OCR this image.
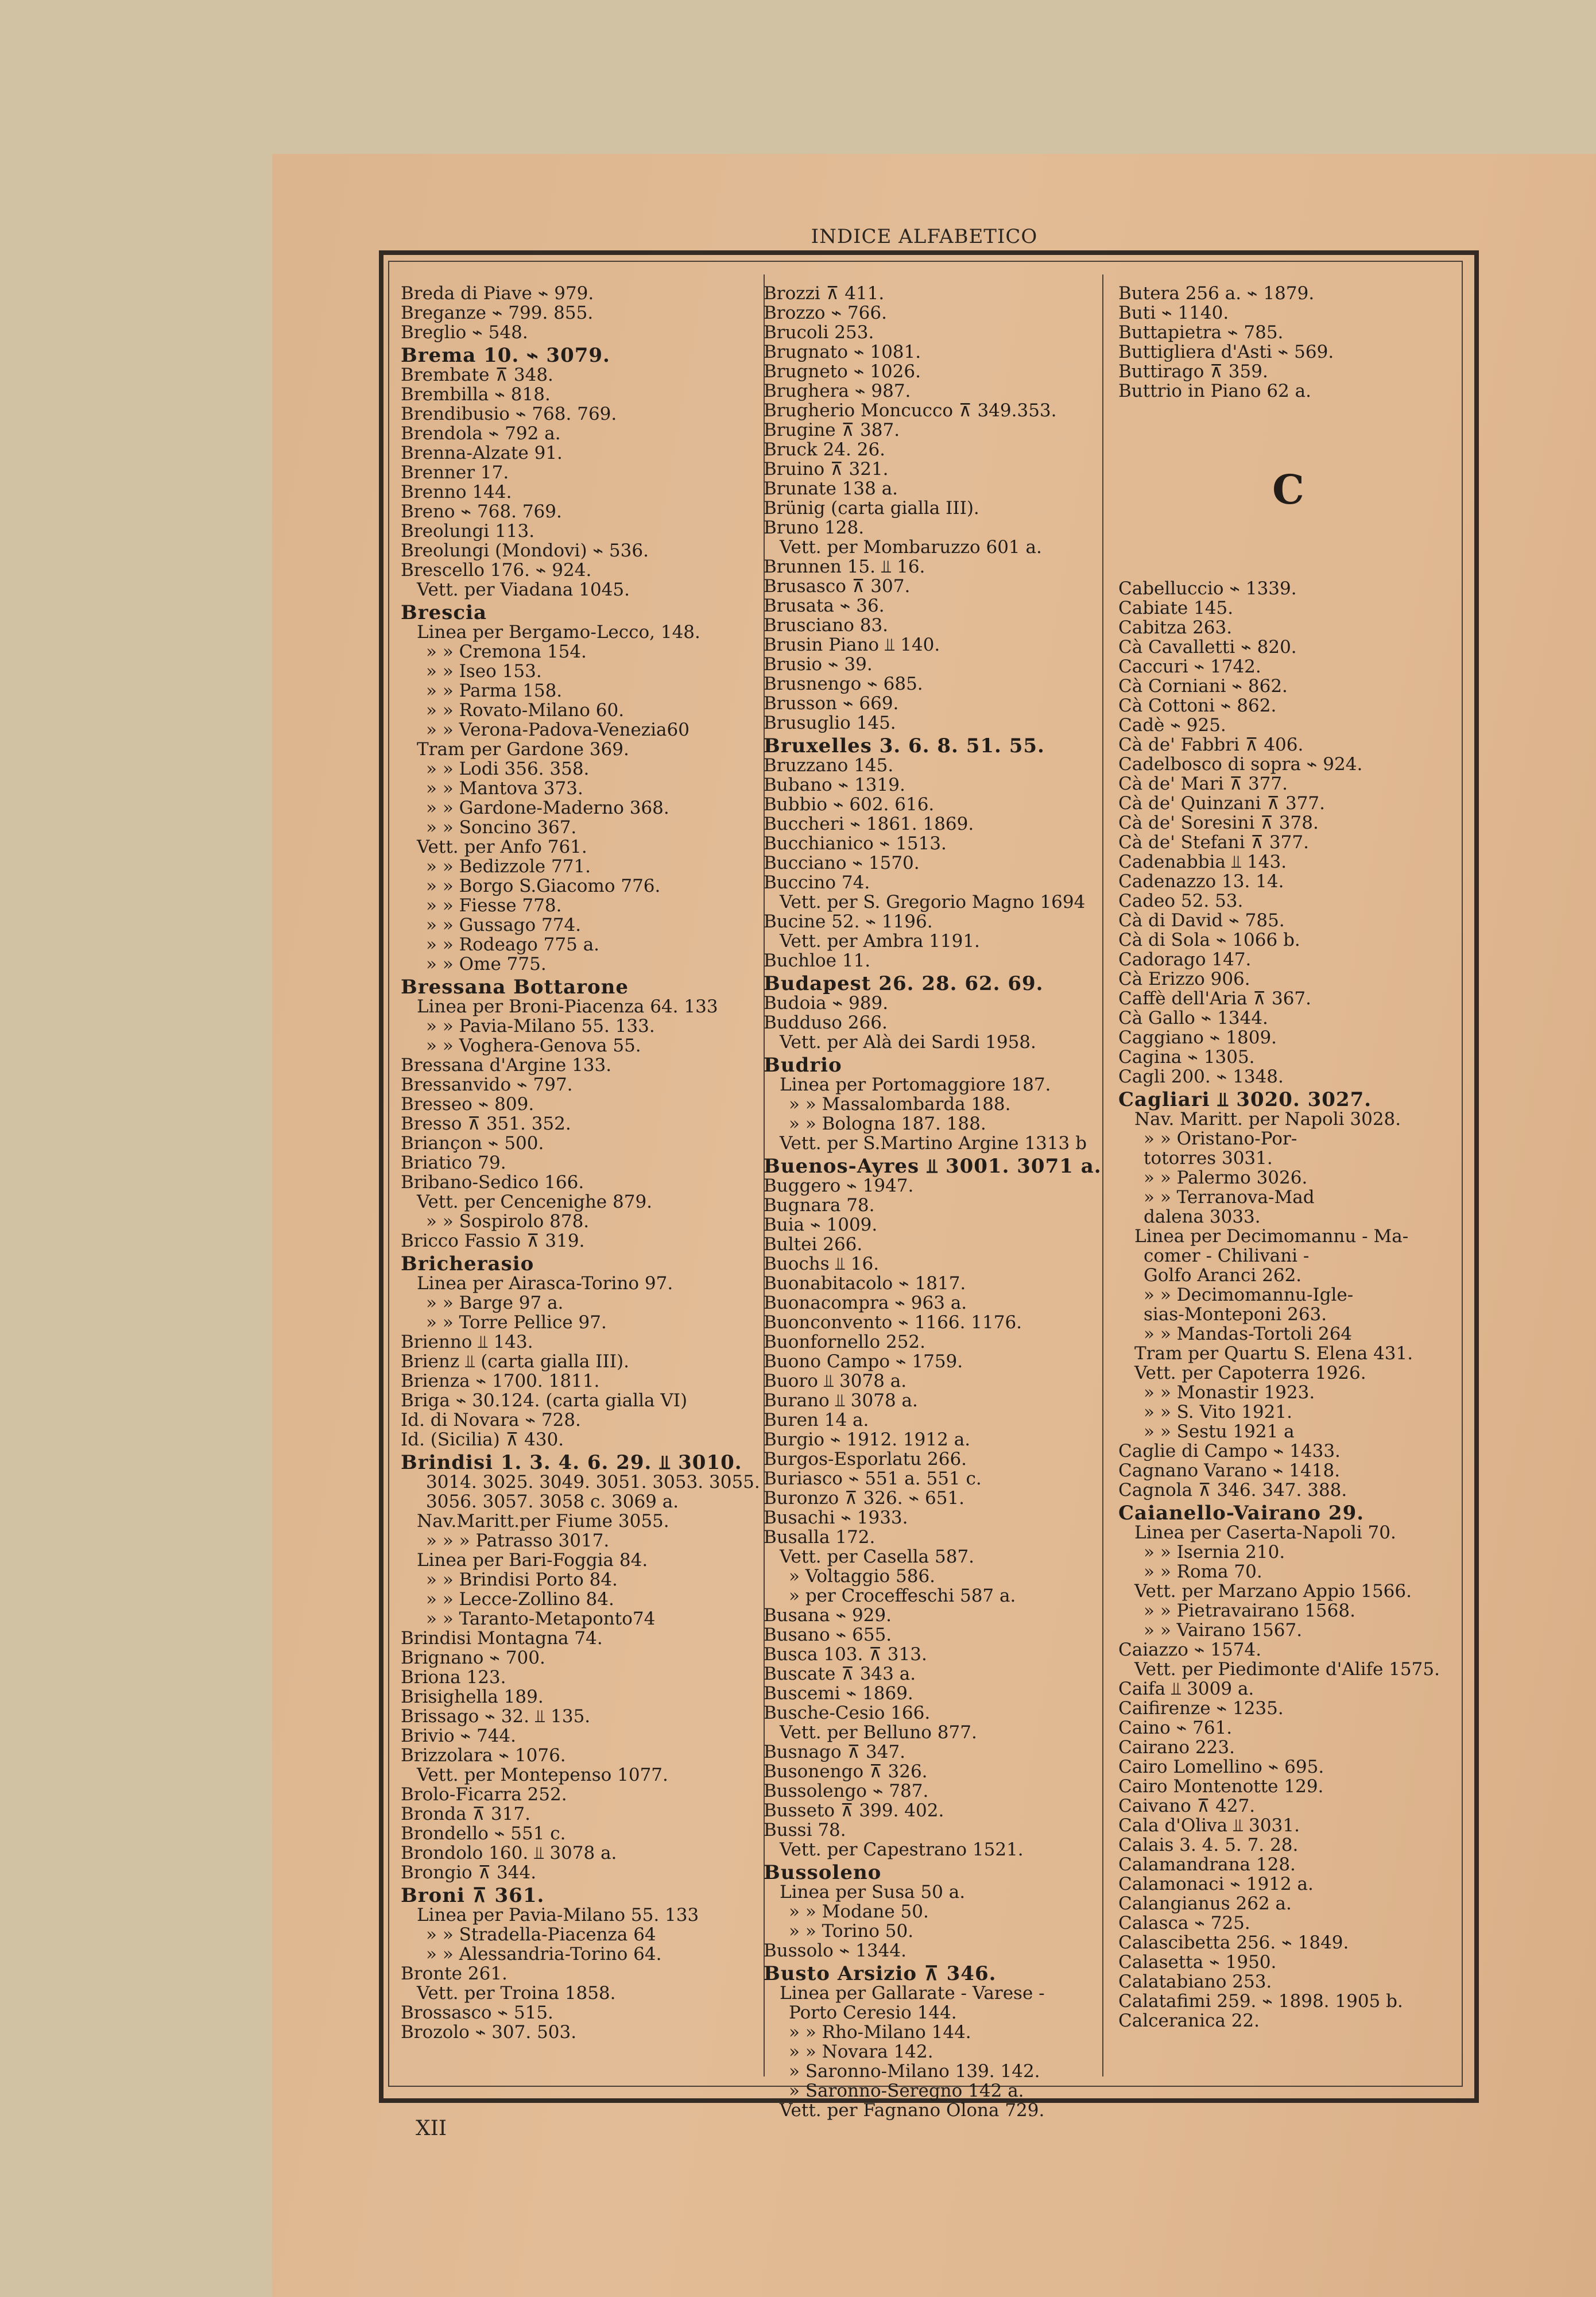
INDICE ALFABETICO
Breda di Piave ⌁ 979.
Breganze ⌁ 799. 855.
Breglio ⌁ 548.
Brema 10. ⌁ 3079.
Brembate ⊼ 348.
Brembilla ⌁ 818.
Brendibusio ⌁ 768. 769.
Brendola ⌁ 792 a.
Brenna-Alzate 91.
Brenner 17.
Brenno 144.
Breno ⌁ 768. 769.
Breolungi 113.
Breolungi (Mondovi) ⌁ 536.
Brescello 176. ⌁ 924.
Vett. per Viadana 1045.
Brescia
Linea per Bergamo-Lecco, 148.
» » Cremona 154.
» » Iseo 153.
» » Parma 158.
» » Rovato-Milano 60.
» » Verona-Padova-Venezia60
Tram per Gardone 369.
» » Lodi 356. 358.
» » Mantova 373.
» » Gardone-Maderno 368.
» » Soncino 367.
Vett. per Anfo 761.
» » Bedizzole 771.
» » Borgo S.Giacomo 776.
» » Fiesse 778.
» » Gussago 774.
» » Rodeago 775 a.
» » Ome 775.
Bressana Bottarone
Linea per Broni-Piacenza 64. 133
» » Pavia-Milano 55. 133.
» » Voghera-Genova 55.
Bressana d'Argine 133.
Bressanvido ⌁ 797.
Bresseo ⌁ 809.
Bresso ⊼ 351. 352.
Briançon ⌁ 500.
Briatico 79.
Bribano-Sedico 166.
Vett. per Cencenighe 879.
» » Sospirolo 878.
Bricco Fassio ⊼ 319.
Bricherasio
Linea per Airasca-Torino 97.
» » Barge 97 a.
» » Torre Pellice 97.
Brienno ⫫ 143.
Brienz ⫫ (carta gialla III).
Brienza ⌁ 1700. 1811.
Briga ⌁ 30.124. (carta gialla VI)
Id. di Novara ⌁ 728.
Id. (Sicilia) ⊼ 430.
Brindisi 1. 3. 4. 6. 29. ⫫ 3010.
3014. 3025. 3049. 3051. 3053. 3055.
3056. 3057. 3058 c. 3069 a.
Nav.Maritt.per Fiume 3055.
» » » Patrasso 3017.
Linea per Bari-Foggia 84.
» » Brindisi Porto 84.
» » Lecce-Zollino 84.
» » Taranto-Metaponto74
Brindisi Montagna 74.
Brignano ⌁ 700.
Briona 123.
Brisighella 189.
Brissago ⌁ 32. ⫫ 135.
Brivio ⌁ 744.
Brizzolara ⌁ 1076.
Vett. per Montepenso 1077.
Brolo-Ficarra 252.
Bronda ⊼ 317.
Brondello ⌁ 551 c.
Brondolo 160. ⫫ 3078 a.
Brongio ⊼ 344.
Broni ⊼ 361.
Linea per Pavia-Milano 55. 133
» » Stradella-Piacenza 64
» » Alessandria-Torino 64.
Bronte 261.
Vett. per Troina 1858.
Brossasco ⌁ 515.
Brozolo ⌁ 307. 503.
Brozzi ⊼ 411.
Brozzo ⌁ 766.
Brucoli 253.
Brugnato ⌁ 1081.
Brugneto ⌁ 1026.
Brughera ⌁ 987.
Brugherio Moncucco ⊼ 349.353.
Brugine ⊼ 387.
Bruck 24. 26.
Bruino ⊼ 321.
Brunate 138 a.
Brünig (carta gialla III).
Bruno 128.
Vett. per Mombaruzzo 601 a.
Brunnen 15. ⫫ 16.
Brusasco ⊼ 307.
Brusata ⌁ 36.
Brusciano 83.
Brusin Piano ⫫ 140.
Brusio ⌁ 39.
Brusnengo ⌁ 685.
Brusson ⌁ 669.
Brusuglio 145.
Bruxelles 3. 6. 8. 51. 55.
Bruzzano 145.
Bubano ⌁ 1319.
Bubbio ⌁ 602. 616.
Buccheri ⌁ 1861. 1869.
Bucchianico ⌁ 1513.
Bucciano ⌁ 1570.
Buccino 74.
Vett. per S. Gregorio Magno 1694
Bucine 52. ⌁ 1196.
Vett. per Ambra 1191.
Buchloe 11.
Budapest 26. 28. 62. 69.
Budoia ⌁ 989.
Budduso 266.
Vett. per Alà dei Sardi 1958.
Budrio
Linea per Portomaggiore 187.
» » Massalombarda 188.
» » Bologna 187. 188.
Vett. per S.Martino Argine 1313 b
Buenos-Ayres ⫫ 3001. 3071 a.
Buggero ⌁ 1947.
Bugnara 78.
Buia ⌁ 1009.
Bultei 266.
Buochs ⫫ 16.
Buonabitacolo ⌁ 1817.
Buonacompra ⌁ 963 a.
Buonconvento ⌁ 1166. 1176.
Buonfornello 252.
Buono Campo ⌁ 1759.
Buoro ⫫ 3078 a.
Burano ⫫ 3078 a.
Buren 14 a.
Burgio ⌁ 1912. 1912 a.
Burgos-Esporlatu 266.
Buriasco ⌁ 551 a. 551 c.
Buronzo ⊼ 326. ⌁ 651.
Busachi ⌁ 1933.
Busalla 172.
Vett. per Casella 587.
» Voltaggio 586.
» per Croceffeschi 587 a.
Busana ⌁ 929.
Busano ⌁ 655.
Busca 103. ⊼ 313.
Buscate ⊼ 343 a.
Buscemi ⌁ 1869.
Busche-Cesio 166.
Vett. per Belluno 877.
Busnago ⊼ 347.
Busonengo ⊼ 326.
Bussolengo ⌁ 787.
Busseto ⊼ 399. 402.
Bussi 78.
Vett. per Capestrano 1521.
Bussoleno
Linea per Susa 50 a.
» » Modane 50.
» » Torino 50.
Bussolo ⌁ 1344.
Busto Arsizio ⊼ 346.
Linea per Gallarate - Varese -
Porto Ceresio 144.
» » Rho-Milano 144.
» » Novara 142.
» Saronno-Milano 139. 142.
» Saronno-Seregno 142 a.
Vett. per Fagnano Olona 729.
Butera 256 a. ⌁ 1879.
Buti ⌁ 1140.
Buttapietra ⌁ 785.
Buttigliera d'Asti ⌁ 569.
Buttirago ⊼ 359.
Buttrio in Piano 62 a.
C
Cabelluccio ⌁ 1339.
Cabiate 145.
Cabitza 263.
Cà Cavalletti ⌁ 820.
Caccuri ⌁ 1742.
Cà Corniani ⌁ 862.
Cà Cottoni ⌁ 862.
Cadè ⌁ 925.
Cà de' Fabbri ⊼ 406.
Cadelbosco di sopra ⌁ 924.
Cà de' Mari ⊼ 377.
Cà de' Quinzani ⊼ 377.
Cà de' Soresini ⊼ 378.
Cà de' Stefani ⊼ 377.
Cadenabbia ⫫ 143.
Cadenazzo 13. 14.
Cadeo 52. 53.
Cà di David ⌁ 785.
Cà di Sola ⌁ 1066 b.
Cadorago 147.
Cà Erizzo 906.
Caffè dell'Aria ⊼ 367.
Cà Gallo ⌁ 1344.
Caggiano ⌁ 1809.
Cagina ⌁ 1305.
Cagli 200. ⌁ 1348.
Cagliari ⫫ 3020. 3027.
Nav. Maritt. per Napoli 3028.
» » Oristano-Por-
totorres 3031.
» » Palermo 3026.
» » Terranova-Mad
dalena 3033.
Linea per Decimomannu - Ma-
comer - Chilivani -
Golfo Aranci 262.
» » Decimomannu-Igle-
sias-Monteponi 263.
» » Mandas-Tortoli 264
Tram per Quartu S. Elena 431.
Vett. per Capoterra 1926.
» » Monastir 1923.
» » S. Vito 1921.
» » Sestu 1921 a
Caglie di Campo ⌁ 1433.
Cagnano Varano ⌁ 1418.
Cagnola ⊼ 346. 347. 388.
Caianello-Vairano 29.
Linea per Caserta-Napoli 70.
» » Isernia 210.
» » Roma 70.
Vett. per Marzano Appio 1566.
» » Pietravairano 1568.
» » Vairano 1567.
Caiazzo ⌁ 1574.
Vett. per Piedimonte d'Alife 1575.
Caifa ⫫ 3009 a.
Caifirenze ⌁ 1235.
Caino ⌁ 761.
Cairano 223.
Cairo Lomellino ⌁ 695.
Cairo Montenotte 129.
Caivano ⊼ 427.
Cala d'Oliva ⫫ 3031.
Calais 3. 4. 5. 7. 28.
Calamandrana 128.
Calamonaci ⌁ 1912 a.
Calangianus 262 a.
Calasca ⌁ 725.
Calascibetta 256. ⌁ 1849.
Calasetta ⌁ 1950.
Calatabiano 253.
Calatafimi 259. ⌁ 1898. 1905 b.
Calceranica 22.
XII
